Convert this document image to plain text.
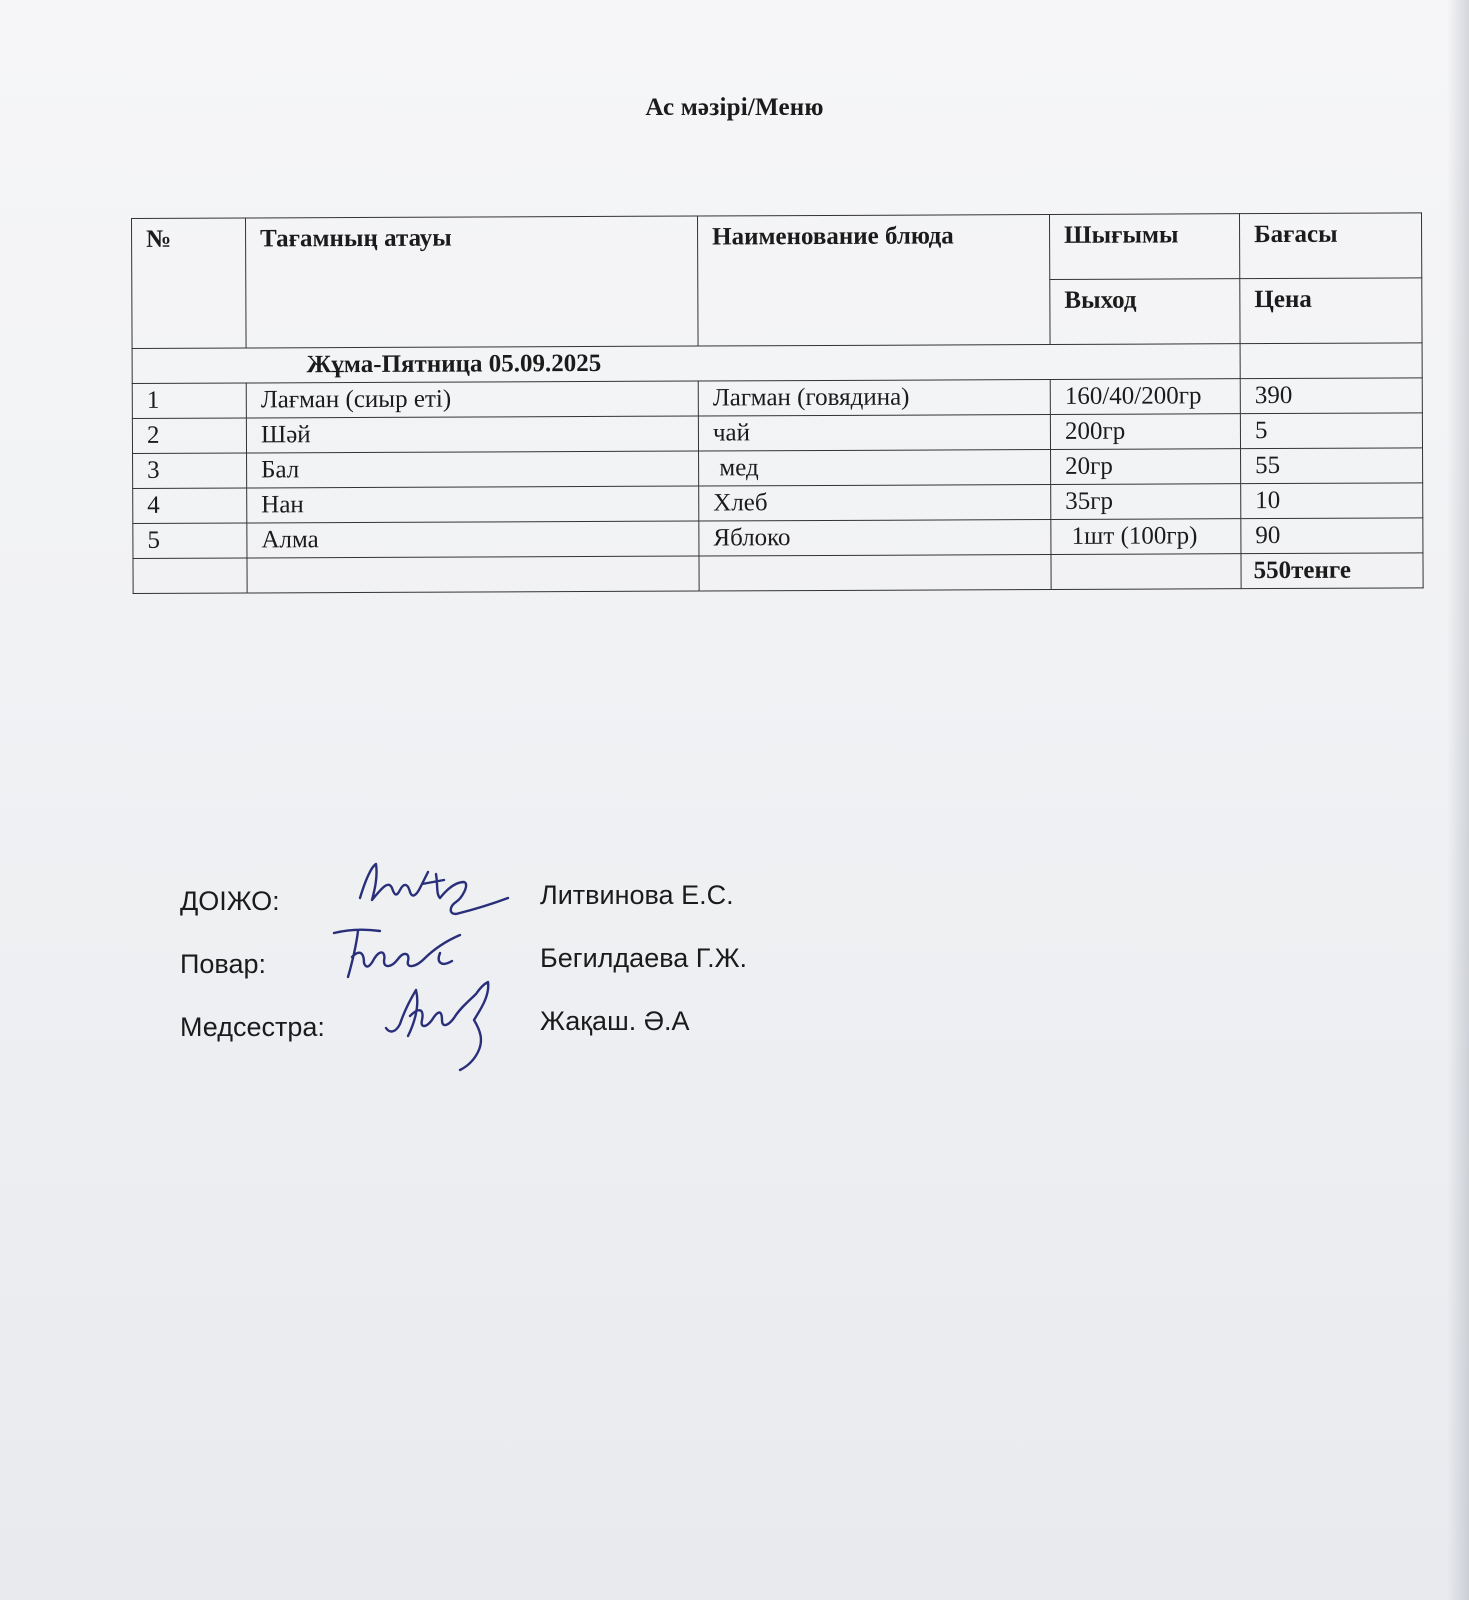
Ас мәзірі/Меню
№	Тағамның атауы	Наименование блюда	Шығымы	Бағасы
			Выход	Цена
Жұма-Пятница 05.09.2025				
1	Лағман (сиыр еті)	Лагман (говядина)	160/40/200гр	390
2	Шәй	чай	200гр	5
3	Бал	мед	20гр	55
4	Нан	Хлеб	35гр	10
5	Алма	Яблоко	1шт (100гр)	90
				550тенге
ДОІЖО:	Литвинова Е.С.
Повар:	Бегилдаева Г.Ж.
Медсестра:	Жақаш. Ә.А
